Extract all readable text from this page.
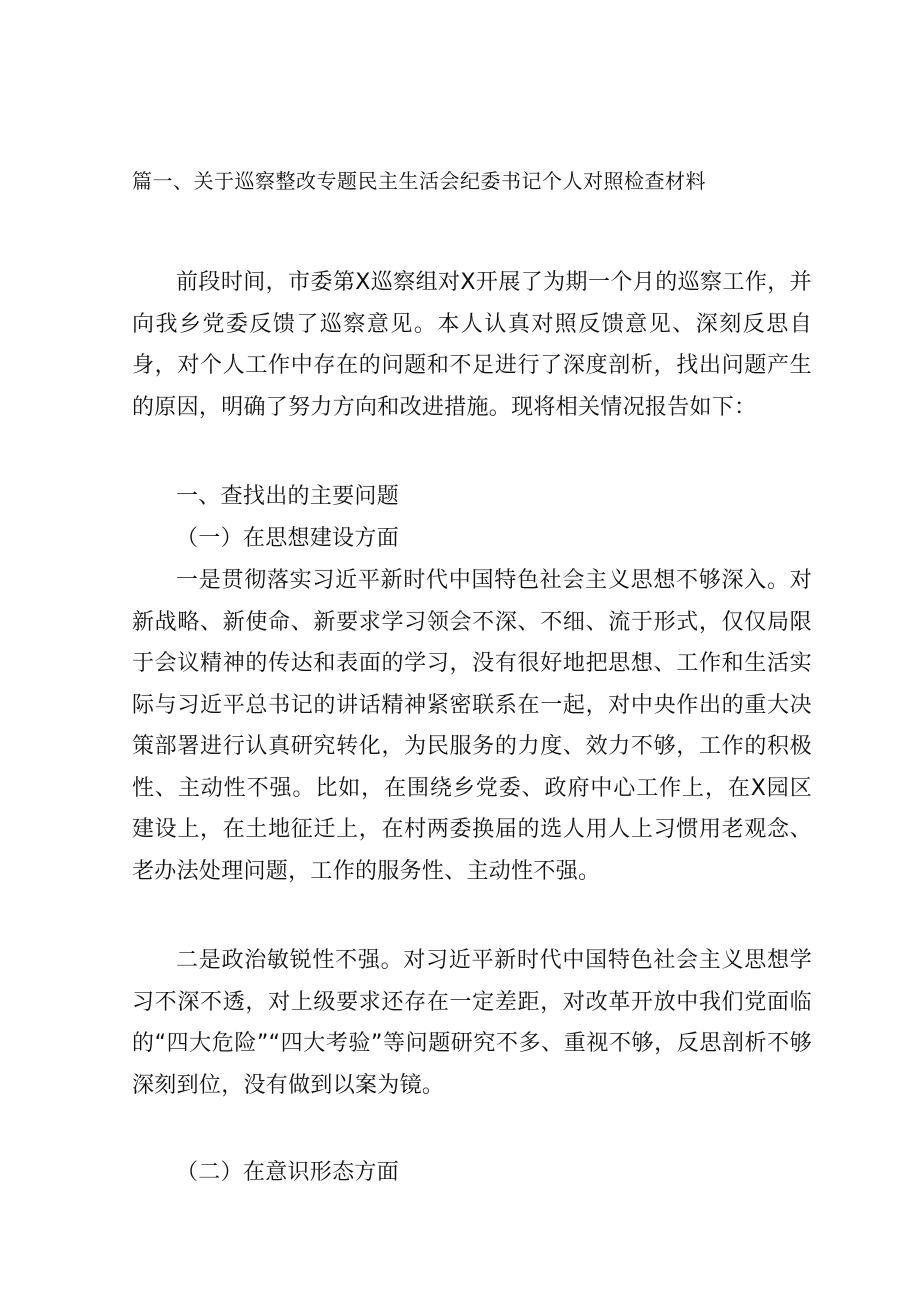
篇一、关于巡察整改专题民主生活会纪委书记个人对照检查材料

前段时间，市委第X巡察组对X开展了为期一个月的巡察工作，并向我乡党委反馈了巡察意见。本人认真对照反馈意见、深刻反思自身，对个人工作中存在的问题和不足进行了深度剖析，找出问题产生的原因，明确了努力方向和改进措施。现将相关情况报告如下：

一、查找出的主要问题

（一）在思想建设方面

一是贯彻落实习近平新时代中国特色社会主义思想不够深入。对新战略、新使命、新要求学习领会不深、不细、流于形式，仅仅局限于会议精神的传达和表面的学习，没有很好地把思想、工作和生活实际与习近平总书记的讲话精神紧密联系在一起，对中央作出的重大决策部署进行认真研究转化，为民服务的力度、效力不够，工作的积极性、主动性不强。比如，在围绕乡党委、政府中心工作上，在X园区建设上，在土地征迁上，在村两委换届的选人用人上习惯用老观念、老办法处理问题，工作的服务性、主动性不强。

二是政治敏锐性不强。对习近平新时代中国特色社会主义思想学习不深不透，对上级要求还存在一定差距，对改革开放中我们党面临的“四大危险”“四大考验”等问题研究不多、重视不够，反思剖析不够深刻到位，没有做到以案为镜。

（二）在意识形态方面
